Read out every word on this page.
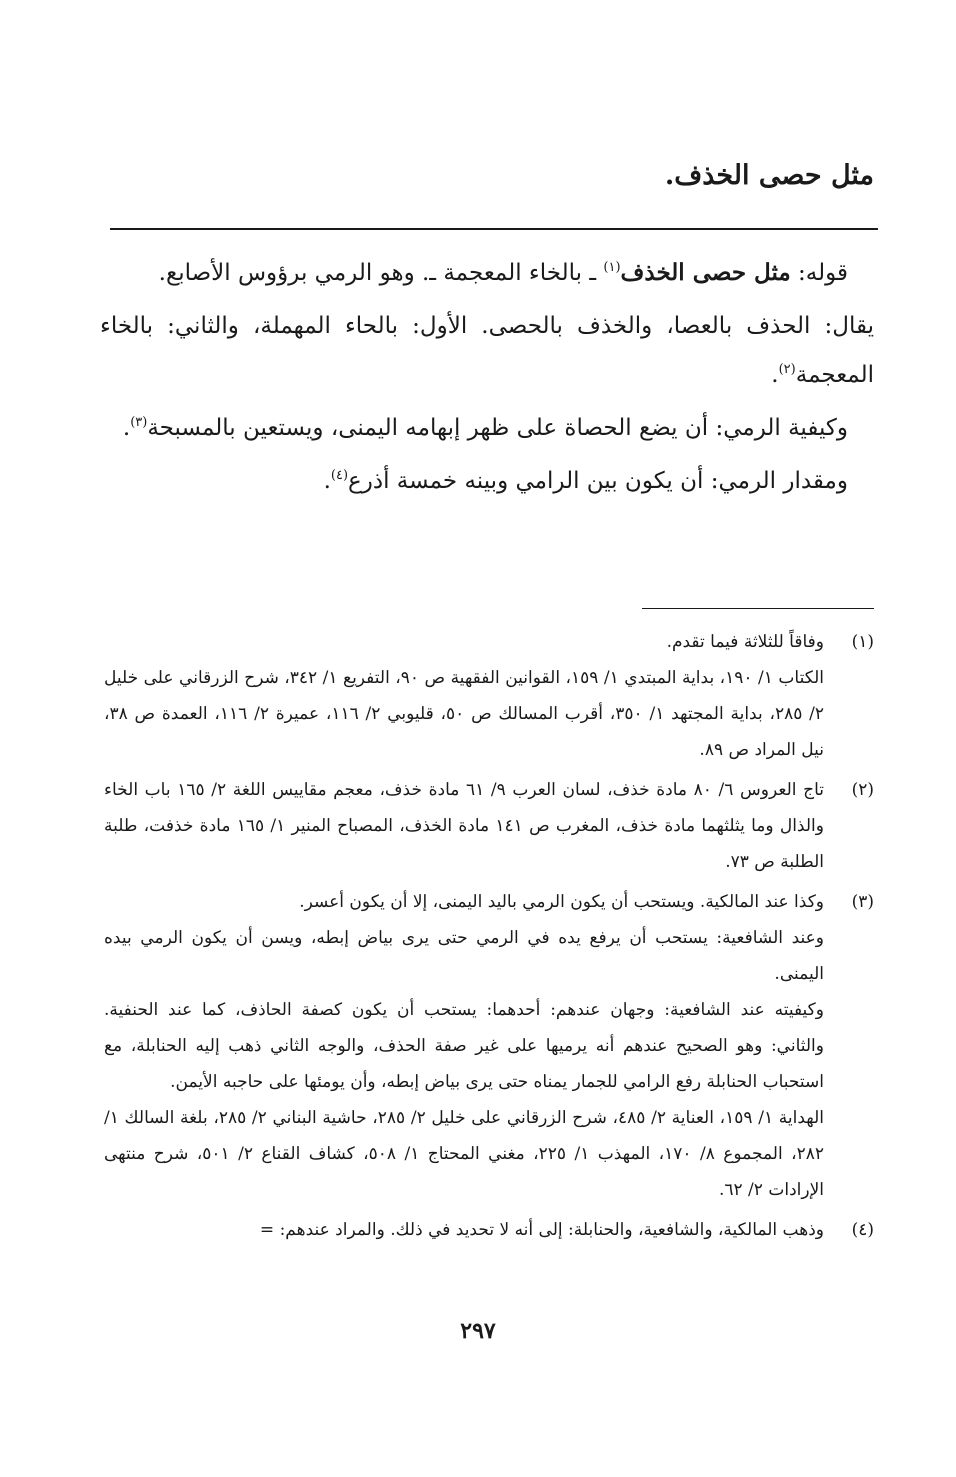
مثل حصى الخذف.

قوله: مثل حصى الخذف$^{(١)}$ ـ بالخاء المعجمة ـ. وهو الرمي برؤوس الأصابع.

يقال: الحذف بالعصا، والخذف بالحصى. الأول: بالحاء المهملة، والثاني: بالخاء المعجمة$^{(٢)}$.

وكيفية الرمي: أن يضع الحصاة على ظهر إبهامه اليمنى، ويستعين بالمسبحة$^{(٣)}$.

ومقدار الرمي: أن يكون بين الرامي وبينه خمسة أذرع$^{(٤)}$.

(١)

وفاقاً للثلاثة فيما تقدم.

الكتاب ١/ ١٩٠، بداية المبتدي ١/ ١٥٩، القوانين الفقهية ص ٩٠، التفريع ١/ ٣٤٢، شرح الزرقاني على خليل ٢/ ٢٨٥، بداية المجتهد ١/ ٣٥٠، أقرب المسالك ص ٥٠، قليوبي ٢/ ١١٦، عميرة ٢/ ١١٦، العمدة ص ٣٨، نيل المراد ص ٨٩.

(٢)

تاج العروس ٦/ ٨٠ مادة خذف، لسان العرب ٩/ ٦١ مادة خذف، معجم مقاييس اللغة ٢/ ١٦٥ باب الخاء والذال وما يثلثهما مادة خذف، المغرب ص ١٤١ مادة الخذف، المصباح المنير ١/ ١٦٥ مادة خذفت، طلبة الطلبة ص ٧٣.

(٣)

وكذا عند المالكية. ويستحب أن يكون الرمي باليد اليمنى، إلا أن يكون أعسر.

وعند الشافعية: يستحب أن يرفع يده في الرمي حتى يرى بياض إبطه، ويسن أن يكون الرمي بيده اليمنى.

وكيفيته عند الشافعية: وجهان عندهم: أحدهما: يستحب أن يكون كصفة الحاذف، كما عند الحنفية. والثاني: وهو الصحيح عندهم أنه يرميها على غير صفة الحذف، والوجه الثاني ذهب إليه الحنابلة، مع استحباب الحنابلة رفع الرامي للجمار يمناه حتى يرى بياض إبطه، وأن يومئها على حاجبه الأيمن.

الهداية ١/ ١٥٩، العناية ٢/ ٤٨٥، شرح الزرقاني على خليل ٢/ ٢٨٥، حاشية البناني ٢/ ٢٨٥، بلغة السالك ١/ ٢٨٢، المجموع ٨/ ١٧٠، المهذب ١/ ٢٢٥، مغني المحتاج ١/ ٥٠٨، كشاف القناع ٢/ ٥٠١، شرح منتهى الإرادات ٢/ ٦٢.

(٤)

وذهب المالكية، والشافعية، والحنابلة: إلى أنه لا تحديد في ذلك. والمراد عندهم: =

٢٩٧
